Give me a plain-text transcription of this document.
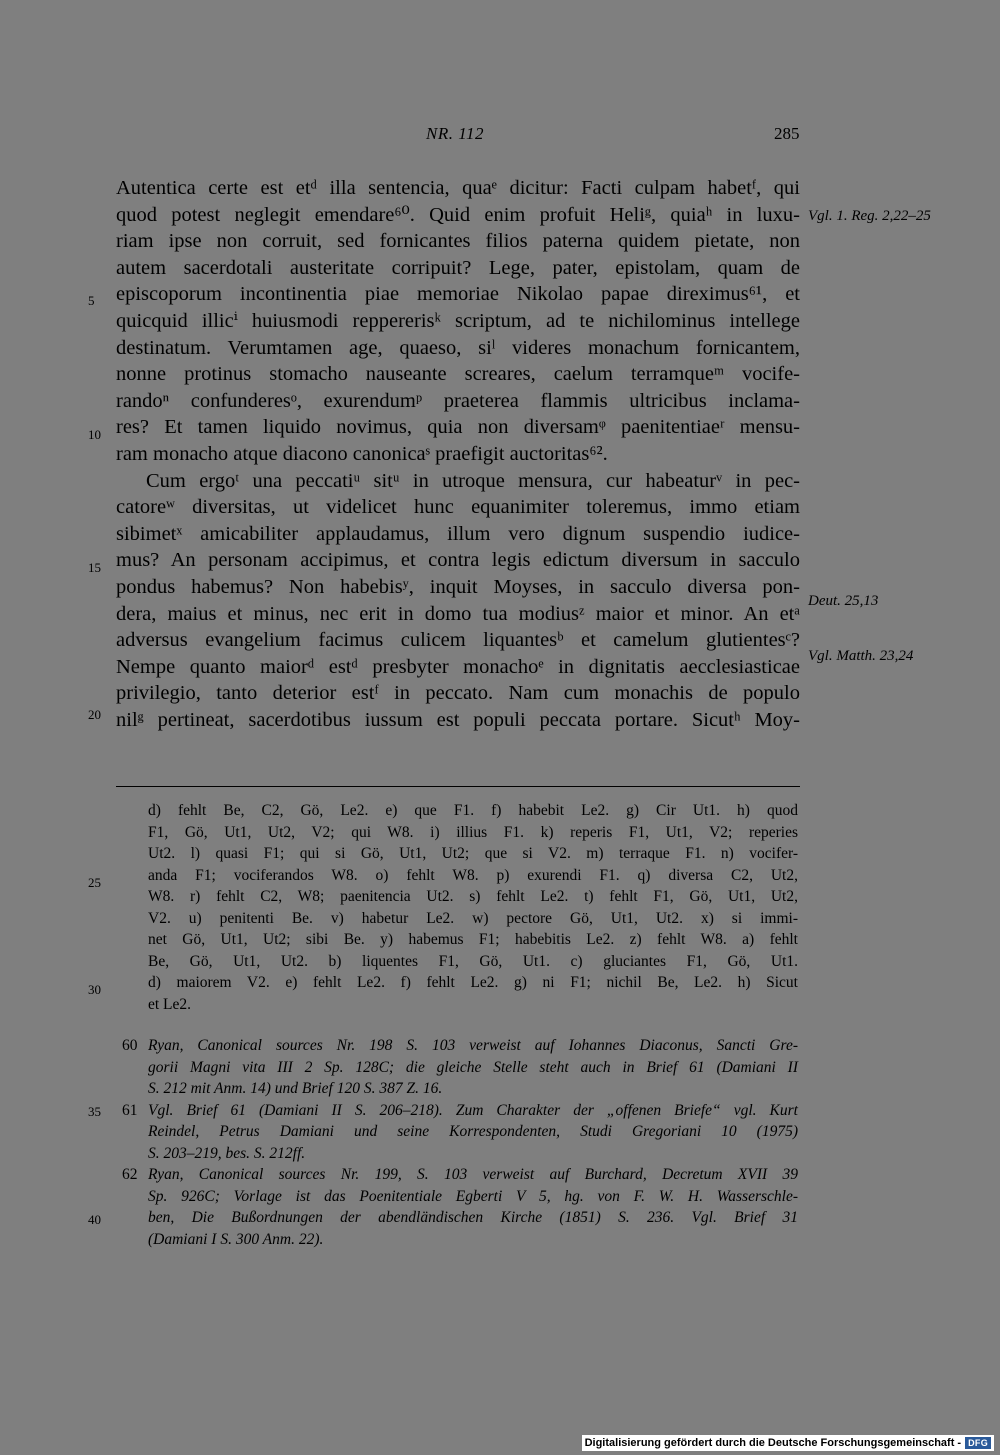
NR. 112	285
Autentica certe est etᵈ illa sentencia, quaᵉ dicitur: Facti culpam habetᶠ, qui
quod potest neglegit emendare⁶⁰. Quid enim profuit Heliᵍ, quiaʰ in luxu-
riam ipse non corruit, sed fornicantes filios paterna quidem pietate, non
autem sacerdotali austeritate corripuit? Lege, pater, epistolam, quam de
episcoporum incontinentia piae memoriae Nikolao papae direximus⁶¹, et
quicquid illicⁱ huiusmodi reppererisᵏ scriptum, ad te nichilominus intellege
destinatum. Verumtamen age, quaeso, siˡ videres monachum fornicantem,
nonne protinus stomacho nauseante screares, caelum terramqueᵐ vocife-
randoⁿ confunderesᵒ, exurendumᵖ praeterea flammis ultricibus inclama-
res? Et tamen liquido novimus, quia non diversamᵠ paenitentiaeʳ mensu-
ram monacho atque diacono canonicaˢ praefigit auctoritas⁶².
Cum ergoᵗ una peccatiᵘ sitᵘ in utroque mensura, cur habeaturᵛ in pec-
catoreʷ diversitas, ut videlicet hunc equanimiter toleremus, immo etiam
sibimetˣ amicabiliter applaudamus, illum vero dignum suspendio iudice-
mus? An personam accipimus, et contra legis edictum diversum in sacculo
pondus habemus? Non habebisʸ, inquit Moyses, in sacculo diversa pon-
dera, maius et minus, nec erit in domo tua modiusᶻ maior et minor. An etᵃ
adversus evangelium facimus culicem liquantesᵇ et camelum glutientesᶜ?
Nempe quanto maiorᵈ estᵈ presbyter monachoᵉ in dignitatis aecclesiasticae
privilegio, tanto deterior estᶠ in peccato. Nam cum monachis de populo
nilᵍ pertineat, sacerdotibus iussum est populi peccata portare. Sicutʰ Moy-
5
10
15
20
Vgl. 1. Reg. 2,22–25
Deut. 25,13
Vgl. Matth. 23,24
d) fehlt Be, C2, Gö, Le2. e) que F1. f) habebit Le2. g) Cir Ut1. h) quod
F1, Gö, Ut1, Ut2, V2; qui W8. i) illius F1. k) reperis F1, Ut1, V2; reperies
Ut2. l) quasi F1; qui si Gö, Ut1, Ut2; que si V2. m) terraque F1. n) vocifer-
anda F1; vociferandos W8. o) fehlt W8. p) exurendi F1. q) diversa C2, Ut2,
W8. r) fehlt C2, W8; paenitencia Ut2. s) fehlt Le2. t) fehlt F1, Gö, Ut1, Ut2,
V2. u) penitenti Be. v) habetur Le2. w) pectore Gö, Ut1, Ut2. x) si immi-
net Gö, Ut1, Ut2; sibi Be. y) habemus F1; habebitis Le2. z) fehlt W8. a) fehlt
Be, Gö, Ut1, Ut2. b) liquentes F1, Gö, Ut1. c) gluciantes F1, Gö, Ut1.
d) maiorem V2. e) fehlt Le2. f) fehlt Le2. g) ni F1; nichil Be, Le2. h) Sicut
et Le2.
25
30
60 Ryan, Canonical sources Nr. 198 S. 103 verweist auf Iohannes Diaconus, Sancti Gre-
gorii Magni vita III 2 Sp. 128C; die gleiche Stelle steht auch in Brief 61 (Damiani II
S. 212 mit Anm. 14) und Brief 120 S. 387 Z. 16.
61 Vgl. Brief 61 (Damiani II S. 206–218). Zum Charakter der „offenen Briefe“ vgl. Kurt
Reindel, Petrus Damiani und seine Korrespondenten, Studi Gregoriani 10 (1975)
S. 203–219, bes. S. 212ff.
62 Ryan, Canonical sources Nr. 199, S. 103 verweist auf Burchard, Decretum XVII 39
Sp. 926C; Vorlage ist das Poenitentiale Egberti V 5, hg. von F. W. H. Wasserschle-
ben, Die Bußordnungen der abendländischen Kirche (1851) S. 236. Vgl. Brief 31
(Damiani I S. 300 Anm. 22).
35
40
Digitalisierung gefördert durch die Deutsche Forschungsgemeinschaft - DFG
